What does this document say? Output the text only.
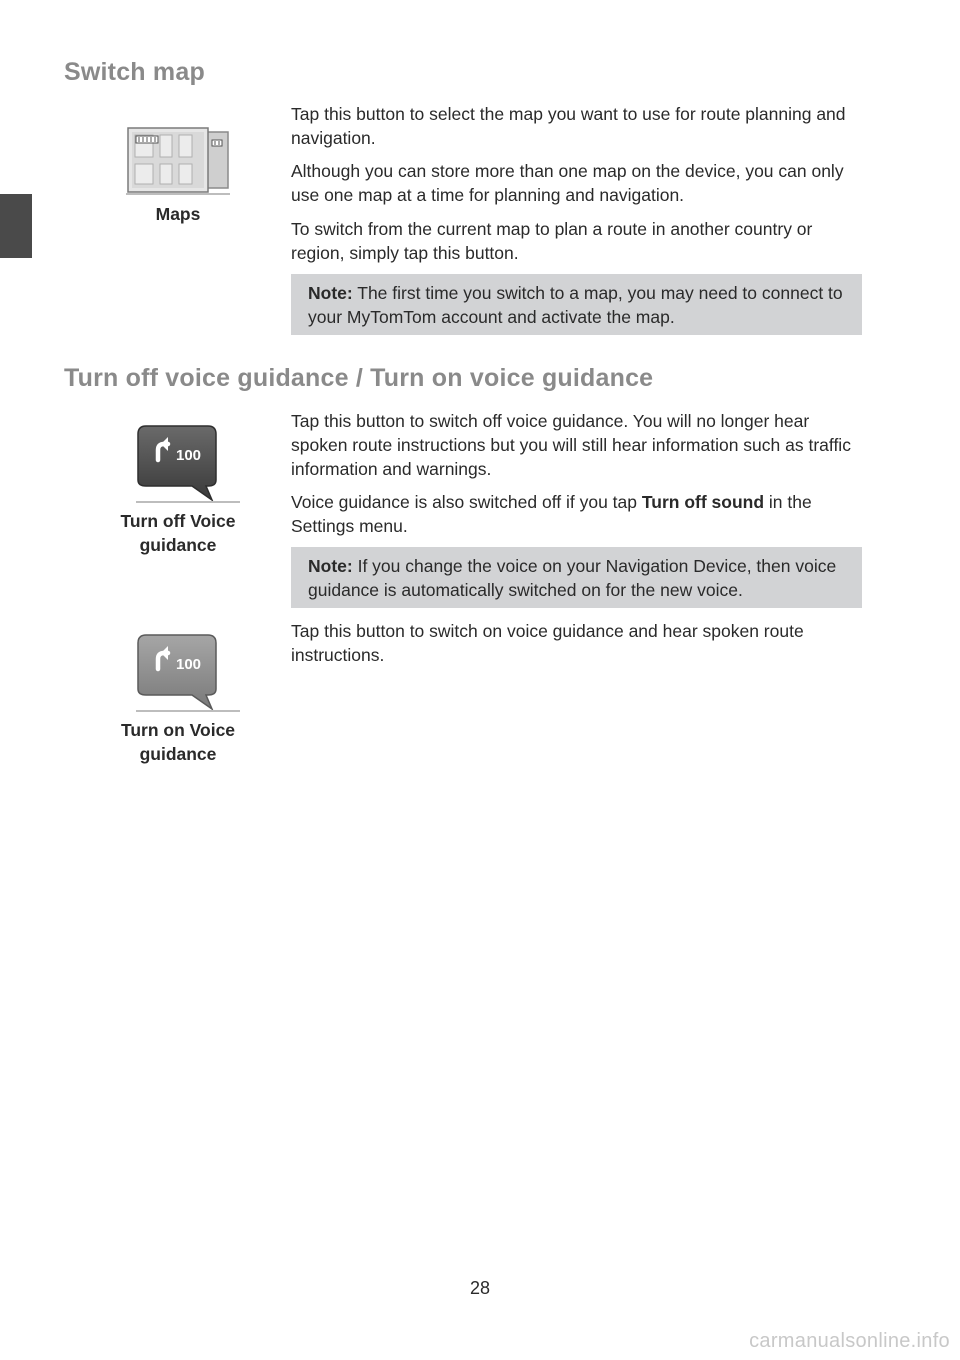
Switch map
Maps

Tap this button to select the map you want to use for route planning and navigation.

Although you can store more than one map on the device, you can only use one map at a time for planning and navigation.

To switch from the current map to plan a route in another country or region, simply tap this button.

Note: The first time you switch to a map, you may need to connect to your MyTomTom account and activate the map.
Turn off voice guidance / Turn on voice guidance
100
Turn off Voice
guidance

Tap this button to switch off voice guidance. You will no longer hear spoken route instructions but you will still hear information such as traffic information and warnings.

Voice guidance is also switched off if you tap Turn off sound in the Settings menu.

Note: If you change the voice on your Navigation Device, then voice guidance is automatically switched on for the new voice.
100
Turn on Voice
guidance

Tap this button to switch on voice guidance and hear spoken route instructions.

28
carmanualsonline.info
